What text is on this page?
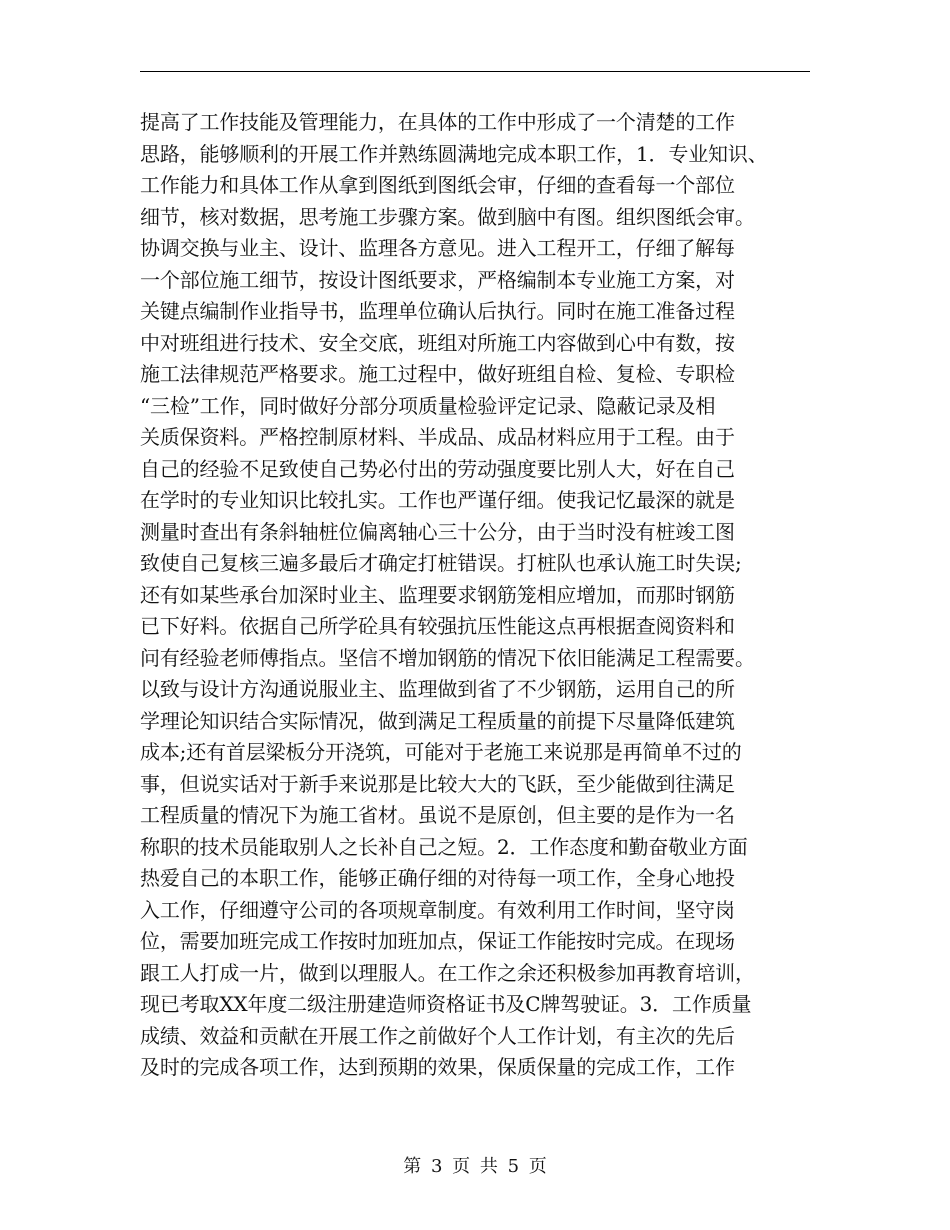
提高了工作技能及管理能力，在具体的工作中形成了一个清楚的工作
思路，能够顺利的开展工作并熟练圆满地完成本职工作，1．专业知识、
工作能力和具体工作从拿到图纸到图纸会审，仔细的查看每一个部位
细节，核对数据，思考施工步骤方案。做到脑中有图。组织图纸会审。
协调交换与业主、设计、监理各方意见。进入工程开工，仔细了解每
一个部位施工细节，按设计图纸要求，严格编制本专业施工方案，对
关键点编制作业指导书，监理单位确认后执行。同时在施工准备过程
中对班组进行技术、安全交底，班组对所施工内容做到心中有数，按
施工法律规范严格要求。施工过程中，做好班组自检、复检、专职检
“三检”工作，同时做好分部分项质量检验评定记录、隐蔽记录及相
关质保资料。严格控制原材料、半成品、成品材料应用于工程。由于
自己的经验不足致使自己势必付出的劳动强度要比别人大，好在自己
在学时的专业知识比较扎实。工作也严谨仔细。使我记忆最深的就是
测量时查出有条斜轴桩位偏离轴心三十公分，由于当时没有桩竣工图
致使自己复核三遍多最后才确定打桩错误。打桩队也承认施工时失误;
还有如某些承台加深时业主、监理要求钢筋笼相应增加，而那时钢筋
已下好料。依据自己所学砼具有较强抗压性能这点再根据查阅资料和
问有经验老师傅指点。坚信不增加钢筋的情况下依旧能满足工程需要。
以致与设计方沟通说服业主、监理做到省了不少钢筋，运用自己的所
学理论知识结合实际情况，做到满足工程质量的前提下尽量降低建筑
成本;还有首层梁板分开浇筑，可能对于老施工来说那是再简单不过的
事，但说实话对于新手来说那是比较大大的飞跃，至少能做到往满足
工程质量的情况下为施工省材。虽说不是原创，但主要的是作为一名
称职的技术员能取别人之长补自己之短。2．工作态度和勤奋敬业方面
热爱自己的本职工作，能够正确仔细的对待每一项工作，全身心地投
入工作，仔细遵守公司的各项规章制度。有效利用工作时间，坚守岗
位，需要加班完成工作按时加班加点，保证工作能按时完成。在现场
跟工人打成一片，做到以理服人。在工作之余还积极参加再教育培训，
现已考取XX年度二级注册建造师资格证书及C牌驾驶证。3．工作质量
成绩、效益和贡献在开展工作之前做好个人工作计划，有主次的先后
及时的完成各项工作，达到预期的效果，保质保量的完成工作，工作
第 3 页 共 5 页
